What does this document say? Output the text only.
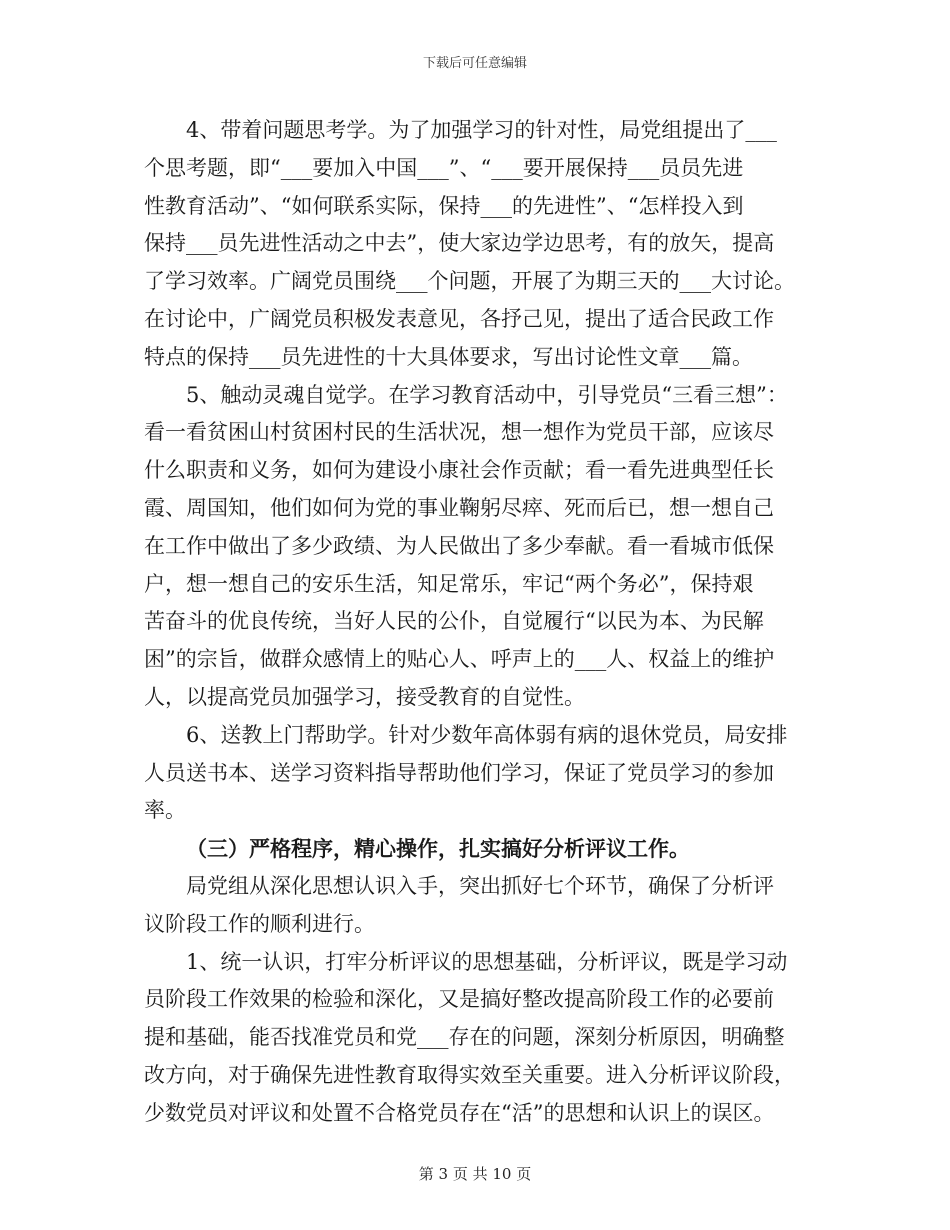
下载后可任意编辑
4、带着问题思考学。为了加强学习的针对性，局党组提出了___
个思考题，即“___要加入中国___”、“___要开展保持___员员先进
性教育活动”、“如何联系实际，保持___的先进性”、“怎样投入到
保持___员先进性活动之中去”，使大家边学边思考，有的放矢，提高
了学习效率。广阔党员围绕___个问题，开展了为期三天的___大讨论。
在讨论中，广阔党员积极发表意见，各抒己见，提出了适合民政工作
特点的保持___员先进性的十大具体要求，写出讨论性文章___篇。
5、触动灵魂自觉学。在学习教育活动中，引导党员“三看三想”：
看一看贫困山村贫困村民的生活状况，想一想作为党员干部，应该尽
什么职责和义务，如何为建设小康社会作贡献；看一看先进典型任长
霞、周国知，他们如何为党的事业鞠躬尽瘁、死而后已，想一想自己
在工作中做出了多少政绩、为人民做出了多少奉献。看一看城市低保
户，想一想自己的安乐生活，知足常乐，牢记“两个务必”，保持艰
苦奋斗的优良传统，当好人民的公仆，自觉履行“以民为本、为民解
困”的宗旨，做群众感情上的贴心人、呼声上的___人、权益上的维护
人，以提高党员加强学习，接受教育的自觉性。
6、送教上门帮助学。针对少数年高体弱有病的退休党员，局安排
人员送书本、送学习资料指导帮助他们学习，保证了党员学习的参加
率。
（三）严格程序，精心操作，扎实搞好分析评议工作。
局党组从深化思想认识入手，突出抓好七个环节，确保了分析评
议阶段工作的顺利进行。
1、统一认识，打牢分析评议的思想基础，分析评议，既是学习动
员阶段工作效果的检验和深化，又是搞好整改提高阶段工作的必要前
提和基础，能否找准党员和党___存在的问题，深刻分析原因，明确整
改方向，对于确保先进性教育取得实效至关重要。进入分析评议阶段，
少数党员对评议和处置不合格党员存在“活”的思想和认识上的误区。
第 3 页 共 10 页
